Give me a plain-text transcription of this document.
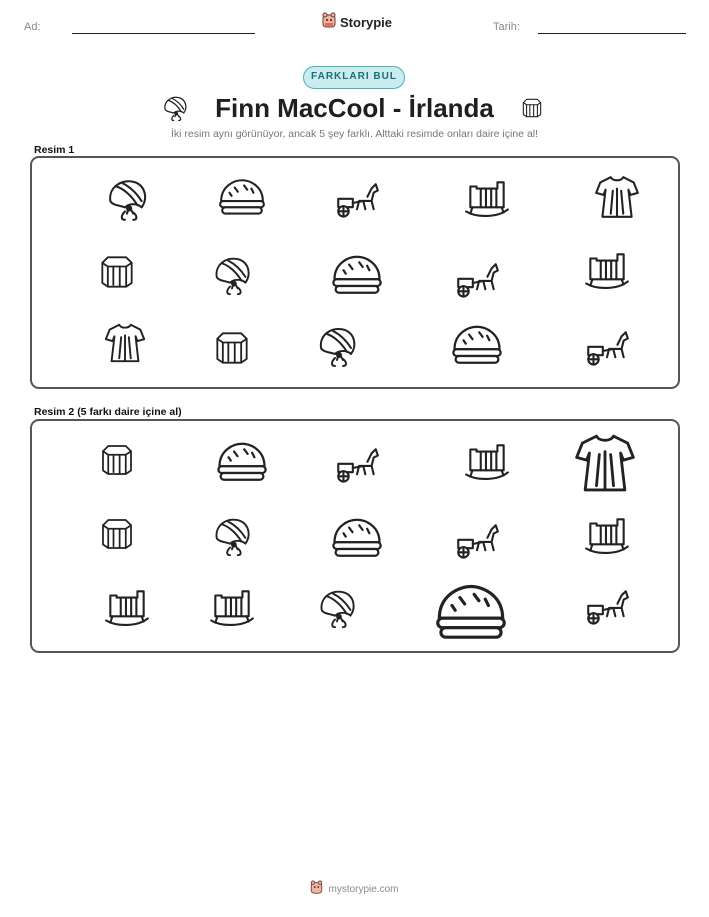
Ad:	Storypie	Tarih:
FARKLARI BUL
Finn MacCool - İrlanda
İki resim aynı görünüyor, ancak 5 şey farklı. Alttaki resimde onları daire içine al!
Resim 1
Resim 2 (5 farkı daire içine al)
mystorypie.com
